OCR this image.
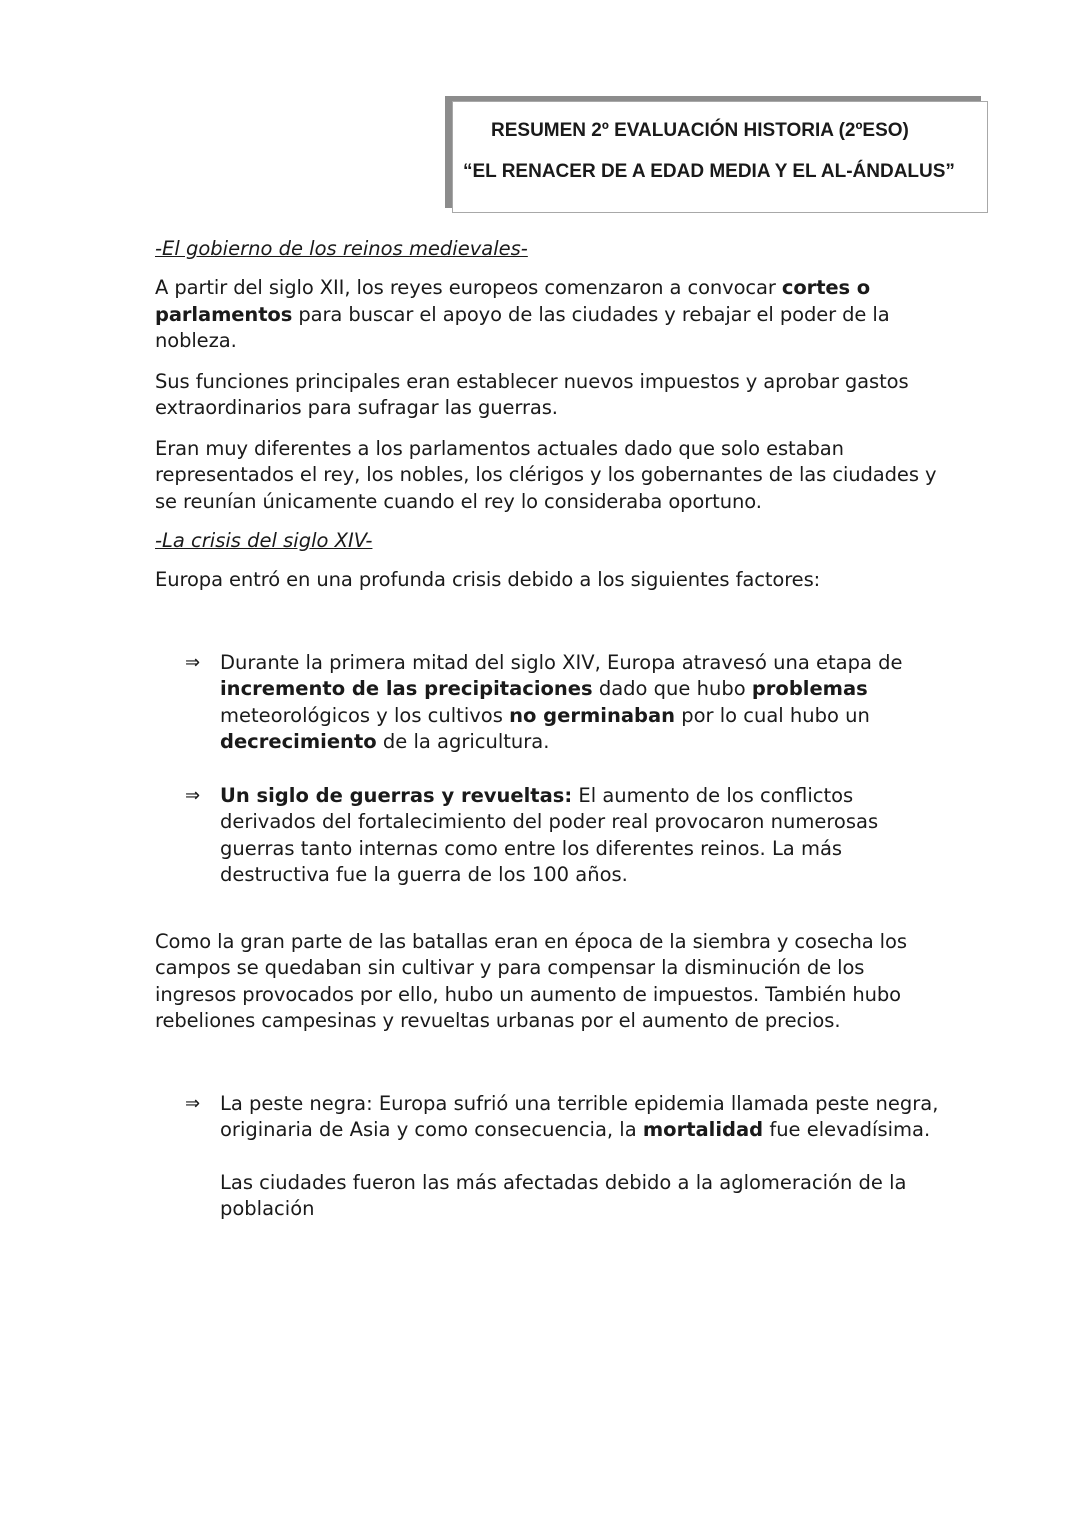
RESUMEN 2º EVALUACIÓN HISTORIA (2ºESO)
“EL RENACER DE A EDAD MEDIA Y EL AL-ÁNDALUS”
-El gobierno de los reinos medievales-

A partir del siglo XII, los reyes europeos comenzaron a convocar cortes o parlamentos para buscar el apoyo de las ciudades y rebajar el poder de la nobleza.

Sus funciones principales eran establecer nuevos impuestos y aprobar gastos extraordinarios para sufragar las guerras.

Eran muy diferentes a los parlamentos actuales dado que solo estaban representados el rey, los nobles, los clérigos y los gobernantes de las ciudades y se reunían únicamente cuando el rey lo consideraba oportuno.

-La crisis del siglo XIV-

Europa entró en una profunda crisis debido a los siguientes factores:

⇒ Durante la primera mitad del siglo XIV, Europa atravesó una etapa de incremento de las precipitaciones dado que hubo problemas meteorológicos y los cultivos no germinaban por lo cual hubo un decrecimiento de la agricultura.
⇒ Un siglo de guerras y revueltas: El aumento de los conflictos derivados del fortalecimiento del poder real provocaron numerosas guerras tanto internas como entre los diferentes reinos. La más destructiva fue la guerra de los 100 años.

Como la gran parte de las batallas eran en época de la siembra y cosecha los campos se quedaban sin cultivar y para compensar la disminución de los ingresos provocados por ello, hubo un aumento de impuestos. También hubo rebeliones campesinas y revueltas urbanas por el aumento de precios.

⇒ La peste negra: Europa sufrió una terrible epidemia llamada peste negra, originaria de Asia y como consecuencia, la mortalidad fue elevadísima.
Las ciudades fueron las más afectadas debido a la aglomeración de la población
